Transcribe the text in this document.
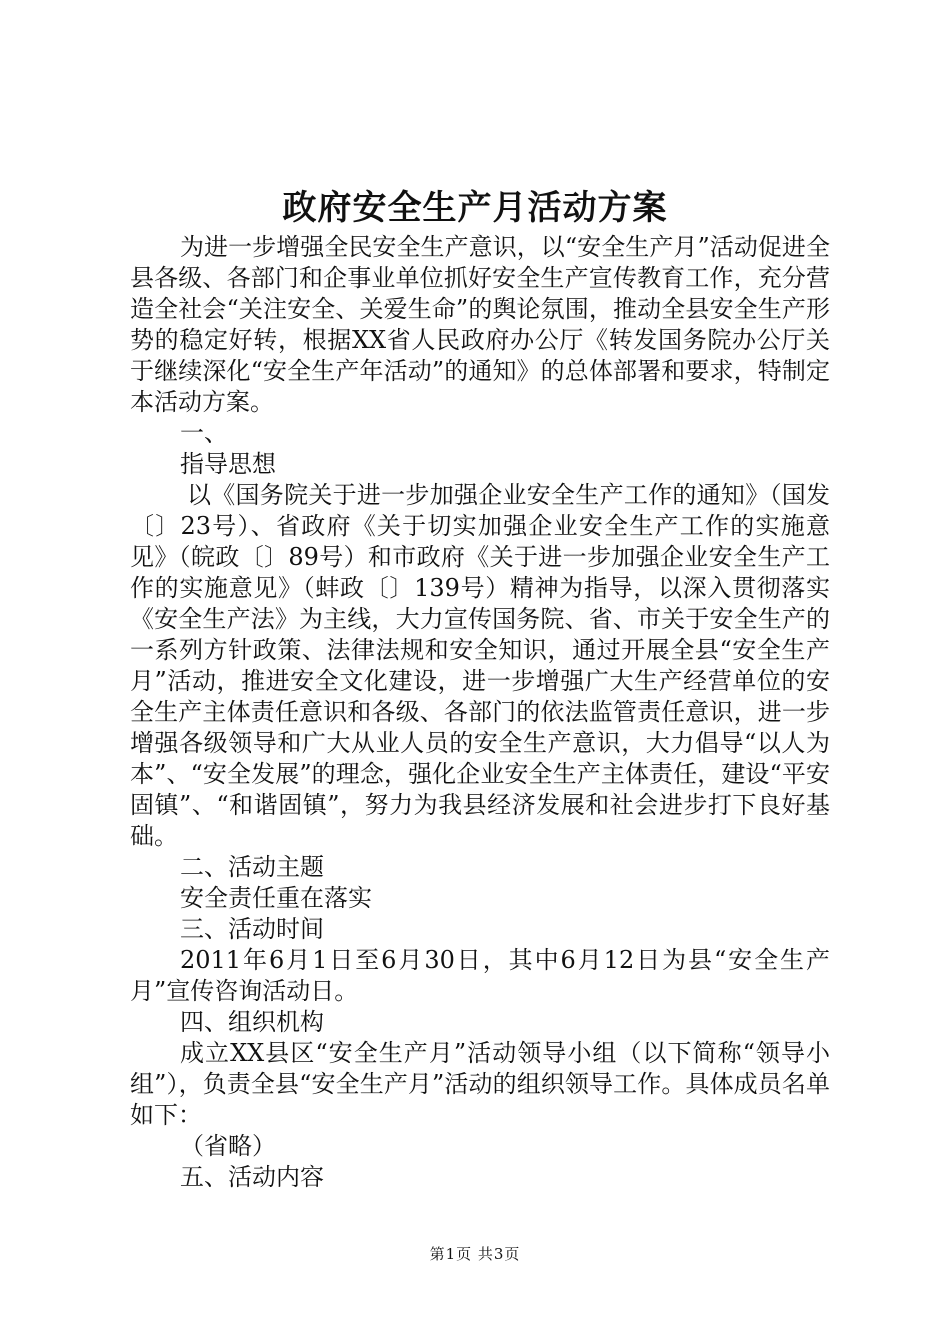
政府安全生产月活动方案

为进一步增强全民安全生产意识，以“安全生产月”活动促进全县各级、各部门和企事业单位抓好安全生产宣传教育工作，充分营造全社会“关注安全、关爱生命”的舆论氛围，推动全县安全生产形势的稳定好转，根据XX省人民政府办公厅《转发国务院办公厅关于继续深化“安全生产年活动”的通知》的总体部署和要求，特制定本活动方案。

一、

指导思想

以《国务院关于进一步加强企业安全生产工作的通知》（国发〔〕23号）、省政府《关于切实加强企业安全生产工作的实施意见》（皖政〔〕89号）和市政府《关于进一步加强企业安全生产工作的实施意见》（蚌政〔〕139号）精神为指导，以深入贯彻落实《安全生产法》为主线，大力宣传国务院、省、市关于安全生产的一系列方针政策、法律法规和安全知识，通过开展全县“安全生产月”活动，推进安全文化建设，进一步增强广大生产经营单位的安全生产主体责任意识和各级、各部门的依法监管责任意识，进一步增强各级领导和广大从业人员的安全生产意识，大力倡导“以人为本”、“安全发展”的理念，强化企业安全生产主体责任，建设“平安固镇”、“和谐固镇”，努力为我县经济发展和社会进步打下良好基础。

二、活动主题

安全责任重在落实

三、活动时间

2011年6月1日至6月30日，其中6月12日为县“安全生产月”宣传咨询活动日。

四、组织机构

成立XX县区“安全生产月”活动领导小组（以下简称“领导小组”），负责全县“安全生产月”活动的组织领导工作。具体成员名单如下：

（省略）

五、活动内容

第1页 共3页
